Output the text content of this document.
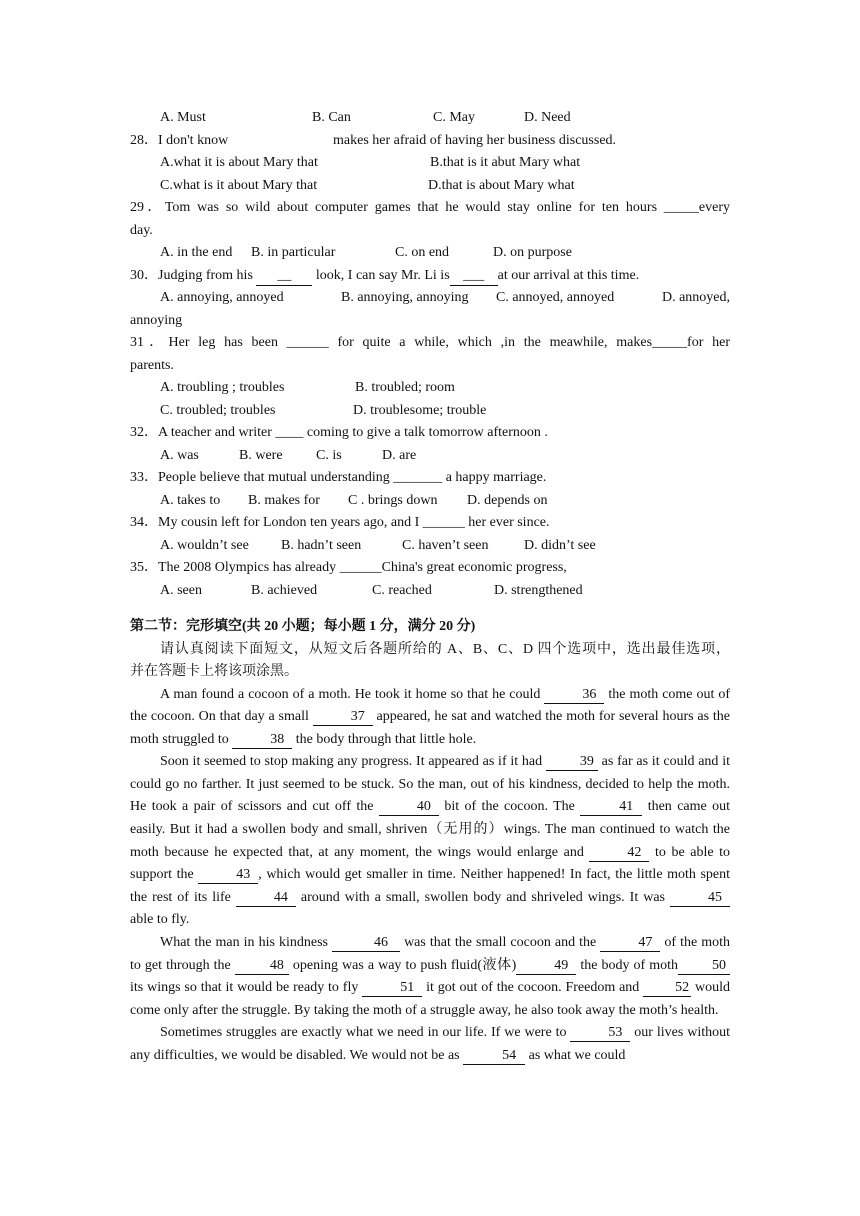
A. Must	B. Can	C. May	D. Need
28．I don't know	makes her afraid of having her business discussed.
A.what it is about Mary that	B.that is it abut Mary what
C.what is it about Mary that	D.that is about Mary what
29．Tom was so wild about computer games that he would stay online for ten hours _____every
day.
A. in the end B. in particular	C. on end	D. on purpose
30．Judging from his __ look, I can say Mr. Li is ___ at our arrival at this time.
A. annoying, annoyed	B. annoying, annoying C. annoyed, annoyed	D. annoyed,
annoying
31．Her leg has been ______ for quite a while, which ,in the meawhile, makes_____for her
parents.
A. troubling ; troubles	B. troubled; room
C. troubled; troubles	D. troublesome; trouble
32．A teacher and writer ____ coming to give a talk tomorrow afternoon .
A. was	B. were C. is	D. are
33．People believe that mutual understanding _______ a happy marriage.
A. takes to B. makes for C . brings down D. depends on
34．My cousin left for London ten years ago, and I ______ her ever since.
A. wouldn’t see B. hadn’t seen	C. haven’t seen	D. didn’t see
35．The 2008 Olympics has already ______China's great economic progress,
A. seen	B. achieved	C. reached	D. strengthened
第二节：完形填空(共 20 小题；每小题 1 分，满分 20 分)
请认真阅读下面短文，从短文后各题所给的 A、B、C、D 四个选项中，选出最佳选项，
并在答题卡上将该项涂黑。
A man found a cocoon of a moth. He took it home so that he could	36 the moth come out of the cocoon. On that day a small	37 appeared, he sat and watched the moth for several hours as the moth struggled to	38 the body through that little hole.
Soon it seemed to stop making any progress. It appeared as if it had	39 as far as it could and it could go no farther. It just seemed to be stuck. So the man, out of his kindness, decided to help the moth. He took a pair of scissors and cut off the	40 bit of the cocoon. The	41 then came out easily. But it had a swollen body and small, shriven（无用的）wings. The man continued to watch the moth because he expected that, at any moment, the wings would enlarge and	42 to be able to support the	43 , which would get smaller in time. Neither happened! In fact, the little moth spent the rest of its life	44 around with a small, swollen body and shriveled wings. It was	45 able to fly.
What the man in his kindness	46 was that the small cocoon and the	47 of the moth to get through the	48 opening was a way to push fluid(液体)	49 the body of moth 50 its wings so that it would be ready to fly	51 it got out of the cocoon. Freedom and	52 would come only after the struggle. By taking the moth of a struggle away, he also took away the moth’s health.
Sometimes struggles are exactly what we need in our life. If we were to	53 our lives without any difficulties, we would be disabled. We would not be as	54 as what we could
